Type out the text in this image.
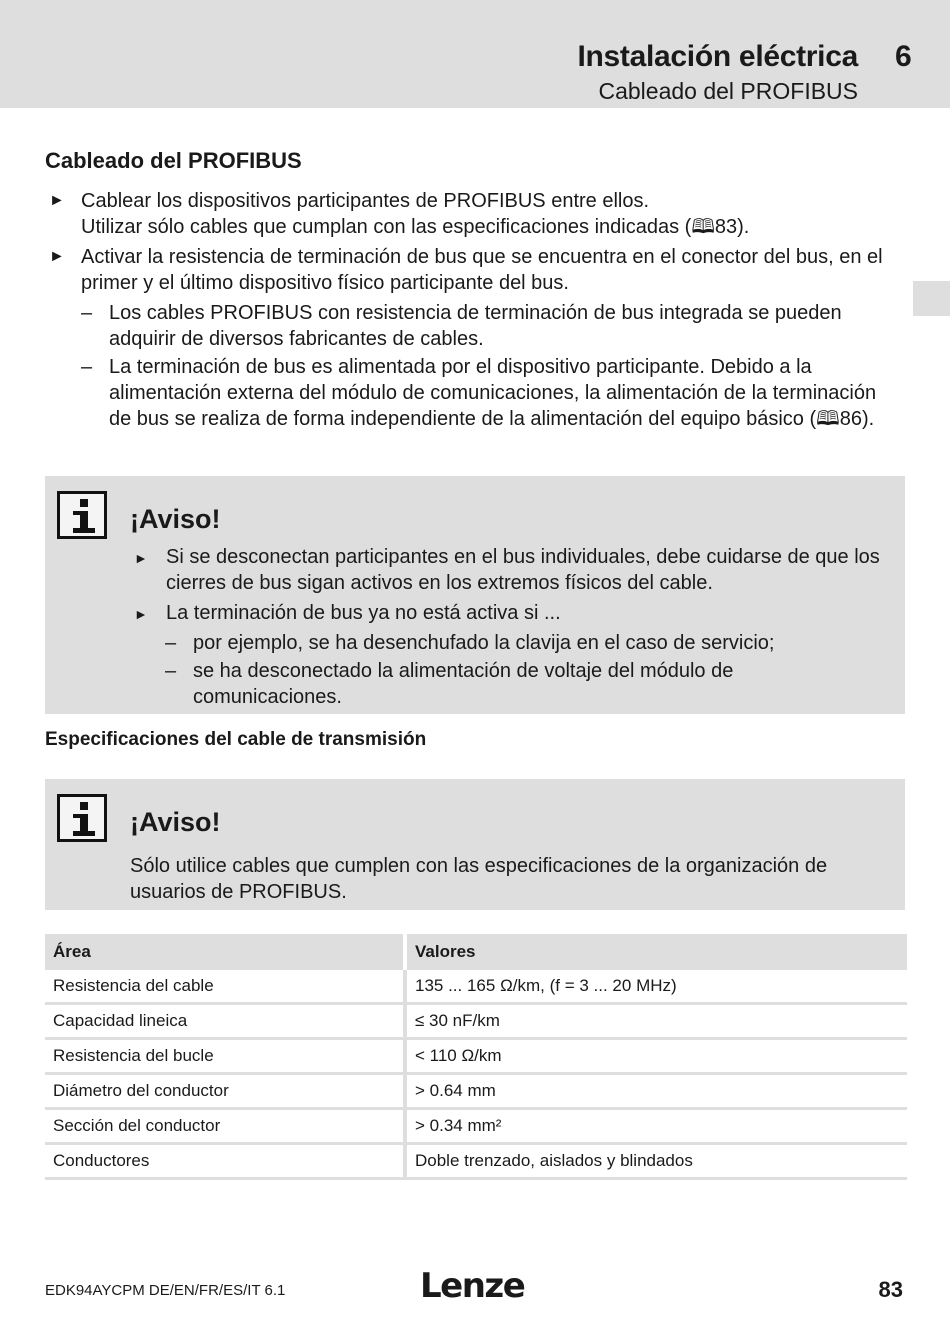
Instalación eléctrica 6
Cableado del PROFIBUS
Cableado del PROFIBUS
► Cablear los dispositivos participantes de PROFIBUS entre ellos.
Utilizar sólo cables que cumplan con las especificaciones indicadas (🕮83).
► Activar la resistencia de terminación de bus que se encuentra en el conector del bus, en el primer y el último dispositivo físico participante del bus.
– Los cables PROFIBUS con resistencia de terminación de bus integrada se pueden adquirir de diversos fabricantes de cables.
– La terminación de bus es alimentada por el dispositivo participante. Debido a la alimentación externa del módulo de comunicaciones, la alimentación de la terminación de bus se realiza de forma independiente de la alimentación del equipo básico (🕮86).
¡Aviso!
► Si se desconectan participantes en el bus individuales, debe cuidarse de que los cierres de bus sigan activos en los extremos físicos del cable.
► La terminación de bus ya no está activa si ...
– por ejemplo, se ha desenchufado la clavija en el caso de servicio;
– se ha desconectado la alimentación de voltaje del módulo de comunicaciones.
Especificaciones del cable de transmisión
¡Aviso!
Sólo utilice cables que cumplen con las especificaciones de la organización de usuarios de PROFIBUS.
Área	Valores
Resistencia del cable	135 ... 165 Ω/km, (f = 3 ... 20 MHz)
Capacidad lineica	≤ 30 nF/km
Resistencia del bucle	< 110 Ω/km
Diámetro del conductor	> 0.64 mm
Sección del conductor	> 0.34 mm²
Conductores	Doble trenzado, aislados y blindados
EDK94AYCPM DE/EN/FR/ES/IT 6.1	Lenze	83
